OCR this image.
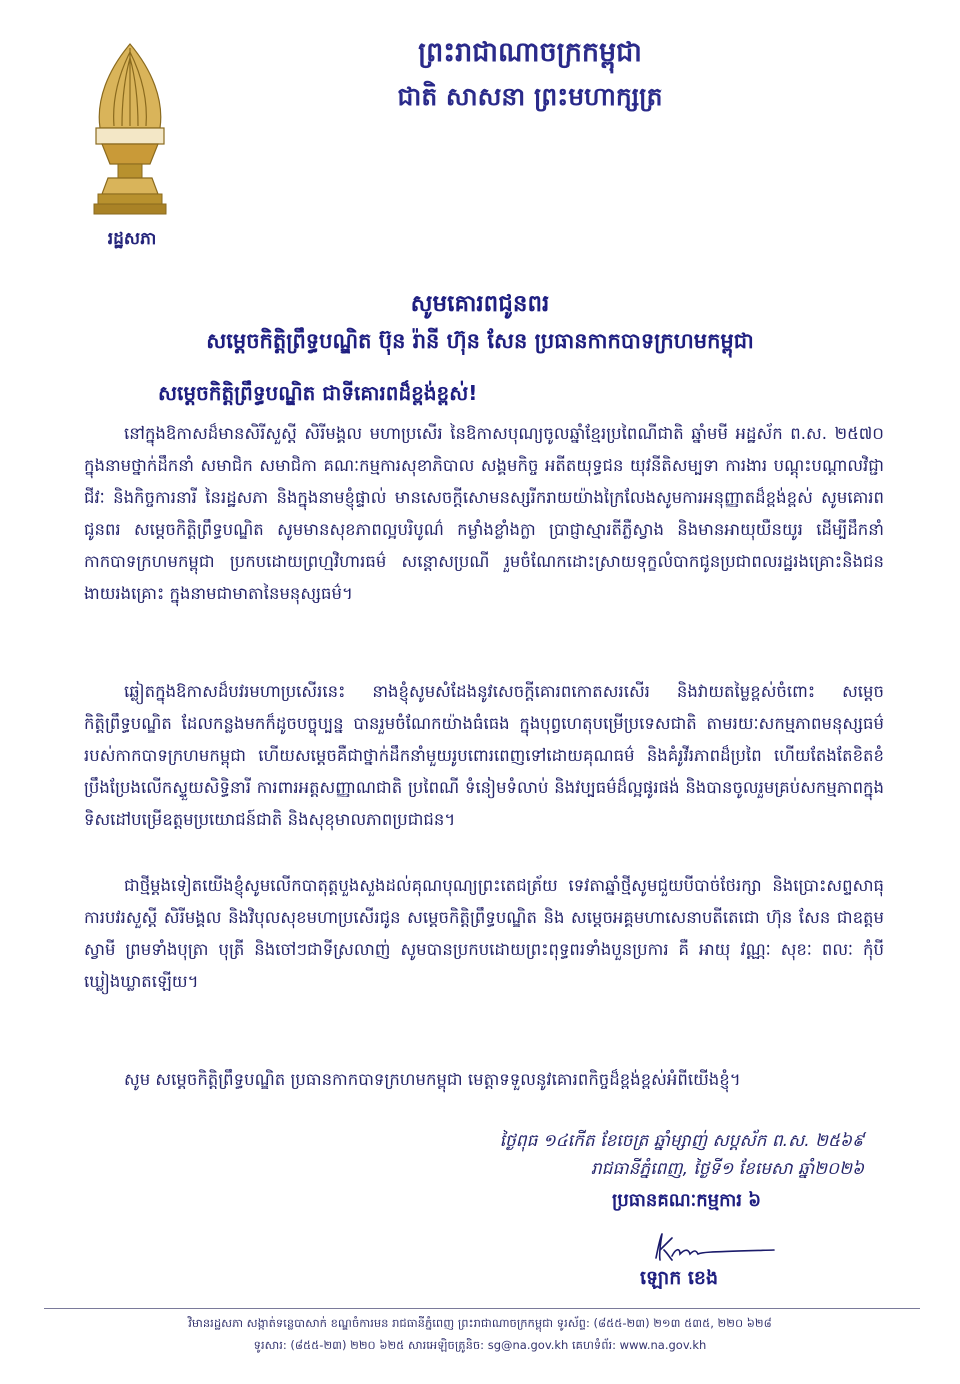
រដ្ឋសភា
ព្រះរាជាណាចក្រកម្ពុជា
ជាតិ សាសនា ព្រះមហាក្សត្រ
សូមគោរពជូនពរ
សម្តេចកិត្តិព្រឹទ្ធបណ្ឌិត ប៊ុន រ៉ានី ហ៊ុន សែន ប្រធានកាកបាទក្រហមកម្ពុជា
សម្តេចកិត្តិព្រឹទ្ធបណ្ឌិត ជាទីគោរពដ៏ខ្ពង់ខ្ពស់!
នៅក្នុងឱកាសដ៏មានសិរីសួស្តី សិរីមង្គល មហាប្រសើរ នៃឱកាសបុណ្យចូលឆ្នាំខ្មែរប្រពៃណីជាតិ ឆ្នាំមមី អដ្ឋស័ក ព.ស. ២៥៧០ ក្នុងនាមថ្នាក់ដឹកនាំ សមាជិក សមាជិកា គណៈកម្មការសុខាភិបាល សង្គមកិច្ច អតីតយុទ្ធជន យុវនីតិសម្បទា ការងារ បណ្តុះបណ្តាលវិជ្ជាជីវៈ និងកិច្ចការនារី នៃរដ្ឋសភា និងក្នុងនាមខ្ញុំផ្ទាល់ មានសេចក្តីសោមនស្សរីករាយយ៉ាងក្រៃលែងសូមការអនុញ្ញាតដ៏ខ្ពង់ខ្ពស់ សូមគោរពជូនពរ សម្តេចកិត្តិព្រឹទ្ធបណ្ឌិត សូមមានសុខភាពល្អបរិបូណ៌ កម្លាំងខ្លាំងក្លា ប្រាជ្ញាស្មារតីភ្លឺស្វាង និងមានអាយុយឺនយូរ ដើម្បីដឹកនាំកាកបាទក្រហមកម្ពុជា ប្រកបដោយព្រហ្មវិហារធម៌ សន្តោសប្រណី រួមចំណែកដោះស្រាយទុក្ខលំបាកជូនប្រជាពលរដ្ឋរងគ្រោះនិងជនងាយរងគ្រោះ ក្នុងនាមជាមាតានៃមនុស្សធម៌។
ឆ្លៀតក្នុងឱកាសដ៏បវរមហាប្រសើរនេះ នាងខ្ញុំសូមសំដែងនូវសេចក្តីគោរពកោតសរសើរ និងវាយតម្លៃខ្ពស់ចំពោះ សម្តេចកិត្តិព្រឹទ្ធបណ្ឌិត ដែលកន្លងមកក៏ដូចបច្ចុប្បន្ន បានរួមចំណែកយ៉ាងធំធេង ក្នុងបុព្វហេតុបម្រើប្រទេសជាតិ តាមរយៈសកម្មភាពមនុស្សធម៌ របស់កាកបាទក្រហមកម្ពុជា ហើយសម្តេចគឺជាថ្នាក់ដឹកនាំមួយរូបពោរពេញទៅដោយគុណធម៌ និងគំរូវីរភាពដ៏ប្រពៃ ហើយតែងតែខិតខំប្រឹងប្រែងលើកស្ទួយសិទ្ធិនារី ការពារអត្តសញ្ញាណជាតិ ប្រពៃណី ទំនៀមទំលាប់ និងវប្បធម៌ដ៏ល្អផូរផង់ និងបានចូលរួមគ្រប់សកម្មភាពក្នុងទិសដៅបម្រើឧត្តមប្រយោជន៍ជាតិ និងសុខុមាលភាពប្រជាជន។
ជាថ្មីម្តងទៀតយើងខ្ញុំសូមលើកបាតុត្តបួងសួងដល់គុណបុណ្យព្រះតេជត្រ័យ ទេវតាឆ្នាំថ្មីសូមជួយបីបាច់ថែរក្សា និងប្រោះសព្ទសាធុការបវរសួស្តី សិរីមង្គល និងវិបុលសុខមហាប្រសើរជូន សម្តេចកិត្តិព្រឹទ្ធបណ្ឌិត និង សម្តេចអគ្គមហាសេនាបតីតេជោ ហ៊ុន សែន ជាឧត្តមស្វាមី ព្រមទាំងបុត្រា បុត្រី និងចៅៗជាទីស្រលាញ់ សូមបានប្រកបដោយព្រះពុទ្ធពរទាំងបួនប្រការ គឺ អាយុ វណ្ណៈ សុខៈ ពលៈ កុំបីឃ្លៀងឃ្លាតឡើយ។
សូម សម្តេចកិត្តិព្រឹទ្ធបណ្ឌិត ប្រធានកាកបាទក្រហមកម្ពុជា មេត្តាទទួលនូវគោរពកិច្ចដ៏ខ្ពង់ខ្ពស់អំពីយើងខ្ញុំ។
ថ្ងៃពុធ ១៤កើត ខែចេត្រ ឆ្នាំម្សាញ់ សប្តស័ក ព.ស. ២៥៦៩
រាជធានីភ្នំពេញ, ថ្ងៃទី១ ខែមេសា ឆ្នាំ២០២៦
ប្រធានគណៈកម្មការ ៦
ឡោក ខេង
វិមានរដ្ឋសភា សង្កាត់ទន្លេបាសាក់ ខណ្ឌចំការមន រាជធានីភ្នំពេញ ព្រះរាជាណាចក្រកម្ពុជា ទូរស័ព្ទ: (៨៥៥-២៣) ២១៣ ៥៣៥, ២២០ ៦២៨
ទូរសារ: (៨៥៥-២៣) ២២០ ៦២៥ សារអេឡិចត្រូនិច: sg@na.gov.kh គេហទំព័រ: www.na.gov.kh
